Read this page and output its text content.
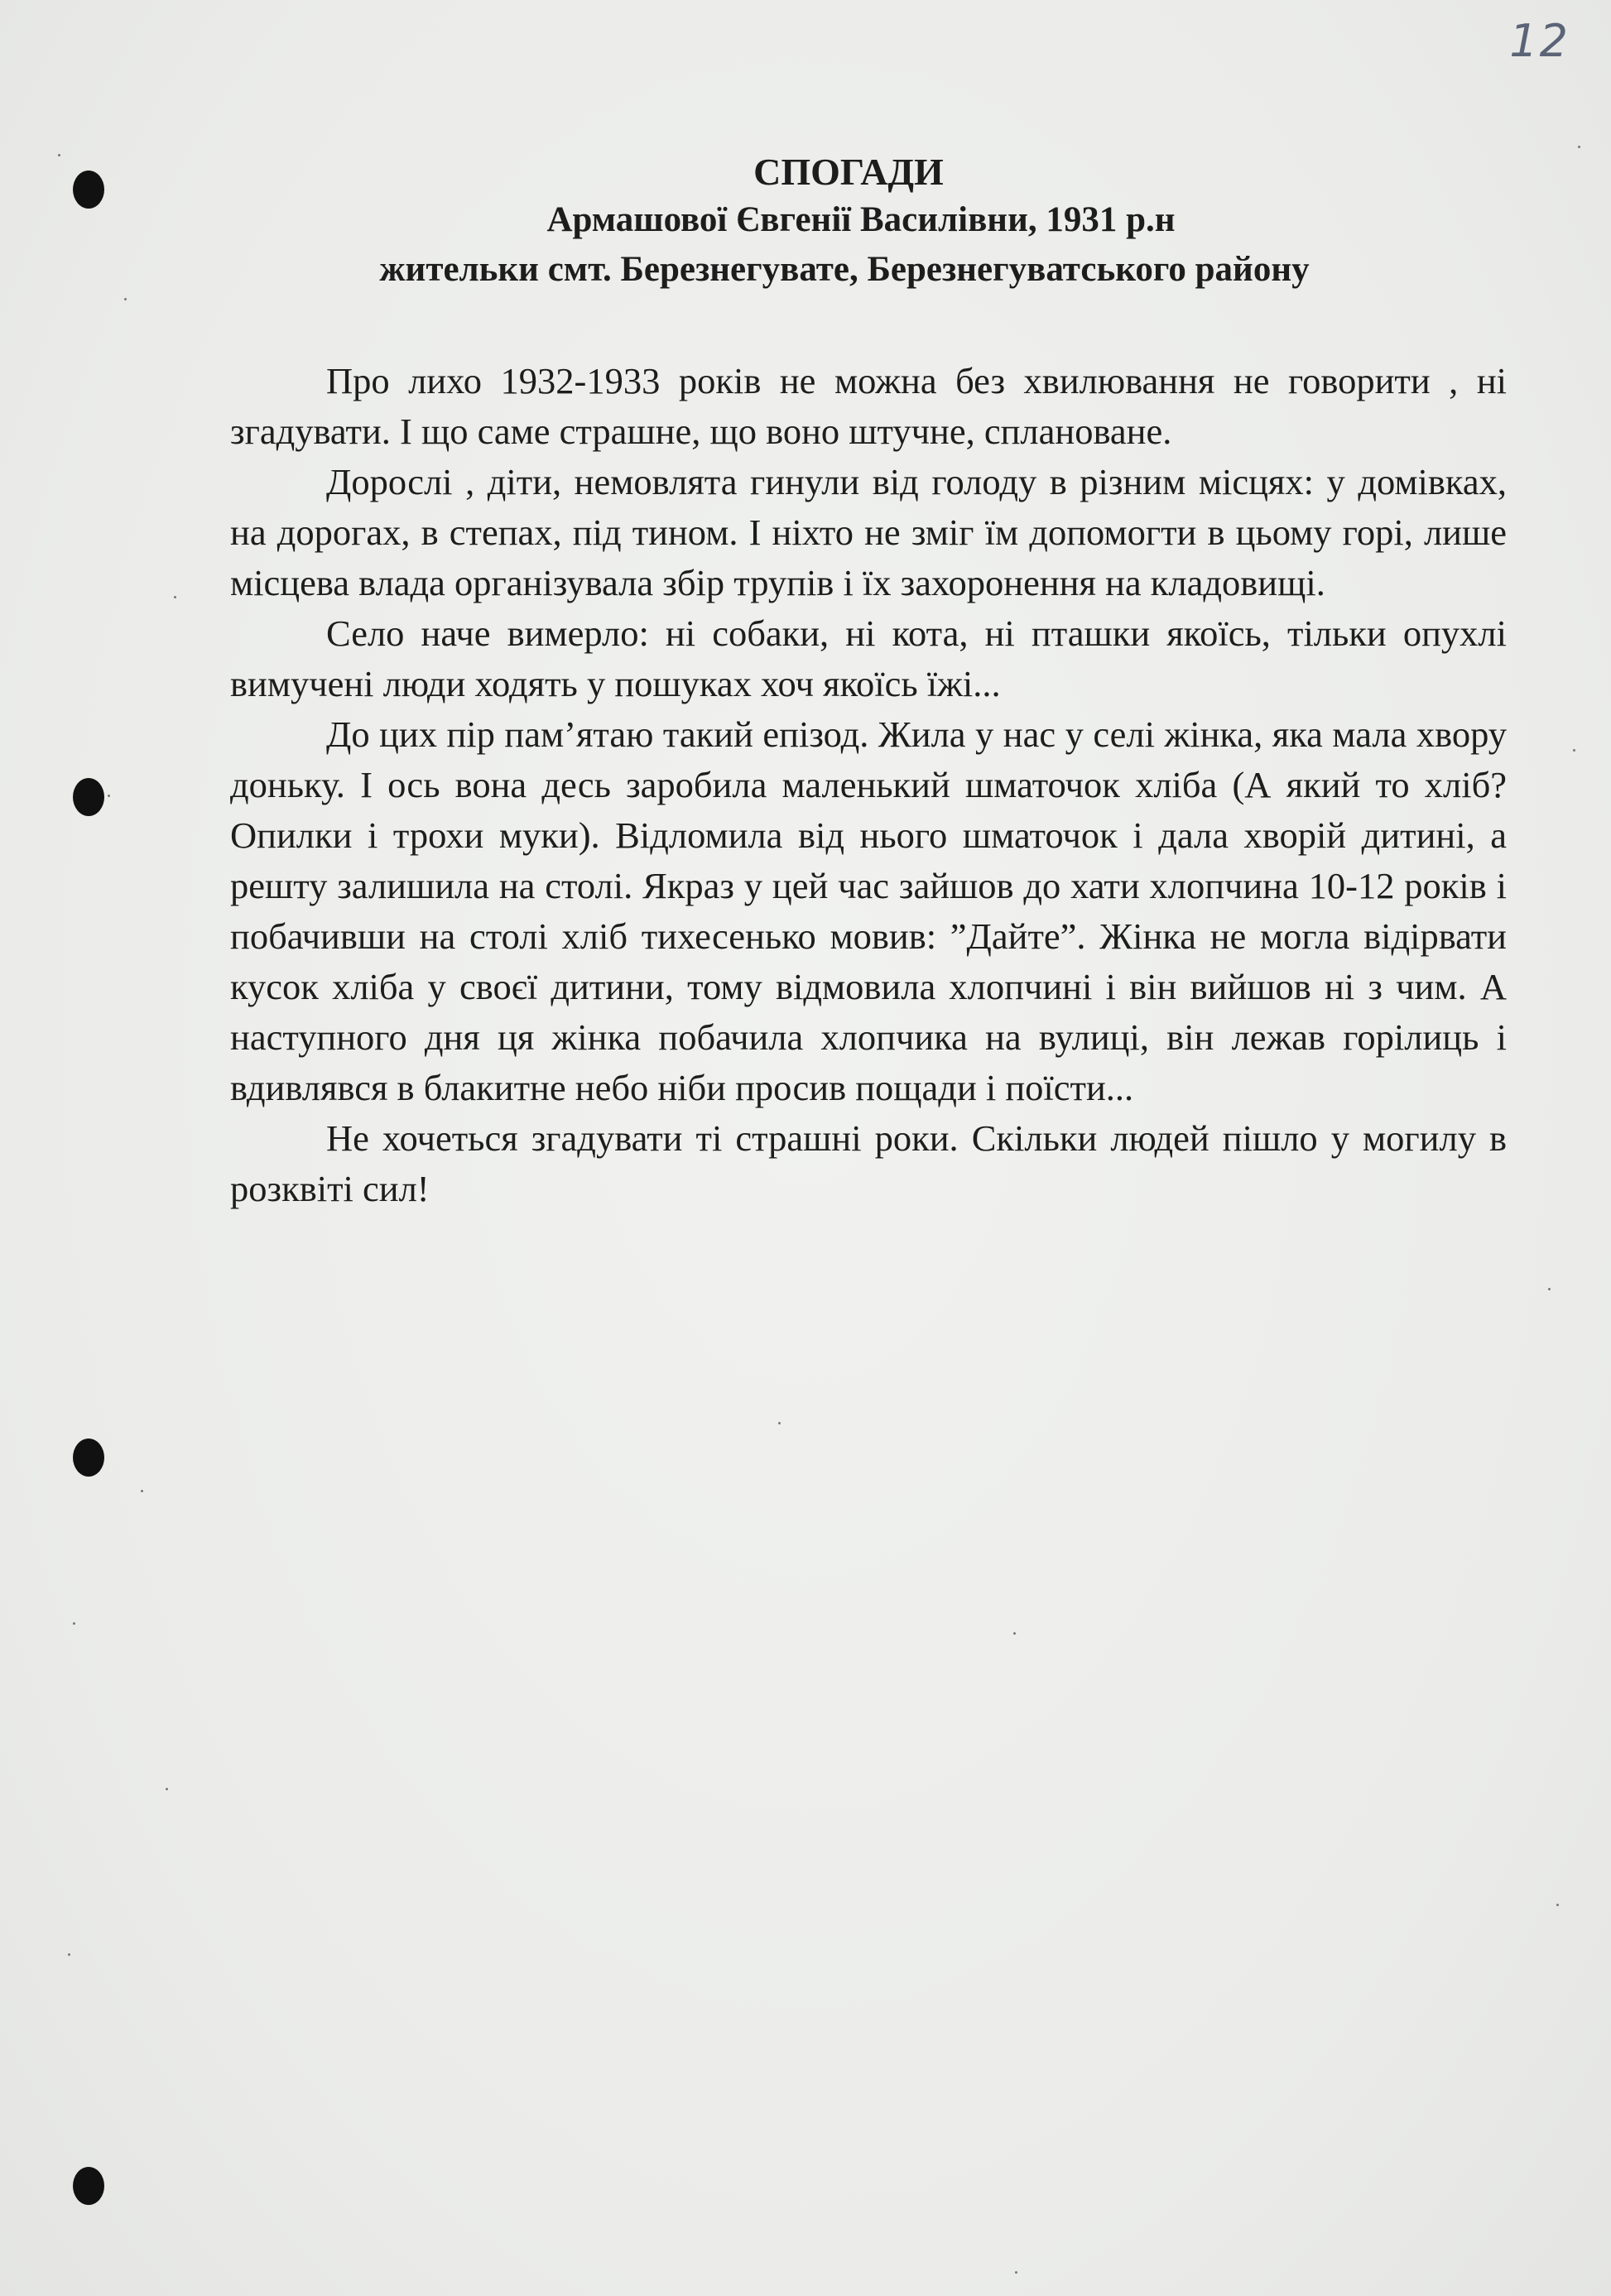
12
СПОГАДИ
Армашової Євгенії Василівни, 1931 р.н
жительки смт. Березнегувате, Березнегуватського району

Про лихо 1932-1933 років не можна без хвилювання не говорити , ні згадувати. І що саме страшне, що воно штучне, сплановане.

Дорослі , діти, немовлята гинули від голоду в різним місцях: у домівках, на дорогах, в степах, під тином. І ніхто не зміг їм допомогти в цьому горі, лише місцева влада організувала збір трупів і їх захоронення на кладовищі.

Село наче вимерло: ні собаки, ні кота, ні пташки якоїсь, тільки опухлі вимучені люди ходять у пошуках хоч якоїсь їжі...

До цих пір пам’ятаю такий епізод. Жила у нас у селі жінка, яка мала хвору доньку. І ось вона десь заробила маленький шматочок хліба (А який то хліб? Опилки і трохи муки). Відломила від нього шматочок і дала хворій дитині, а решту залишила на столі. Якраз у цей час зайшов до хати хлопчина 10-12 років і побачивши на столі хліб тихесенько мовив: ”Дайте”. Жінка не могла відірвати кусок хліба у своєї дитини, тому відмовила хлопчині і він вийшов ні з чим. А наступного дня ця жінка побачила хлопчика на вулиці, він лежав горілиць і вдивлявся в блакитне небо ніби просив пощади і поїсти...

Не хочеться згадувати ті страшні роки. Скільки людей пішло у могилу в розквіті сил!
